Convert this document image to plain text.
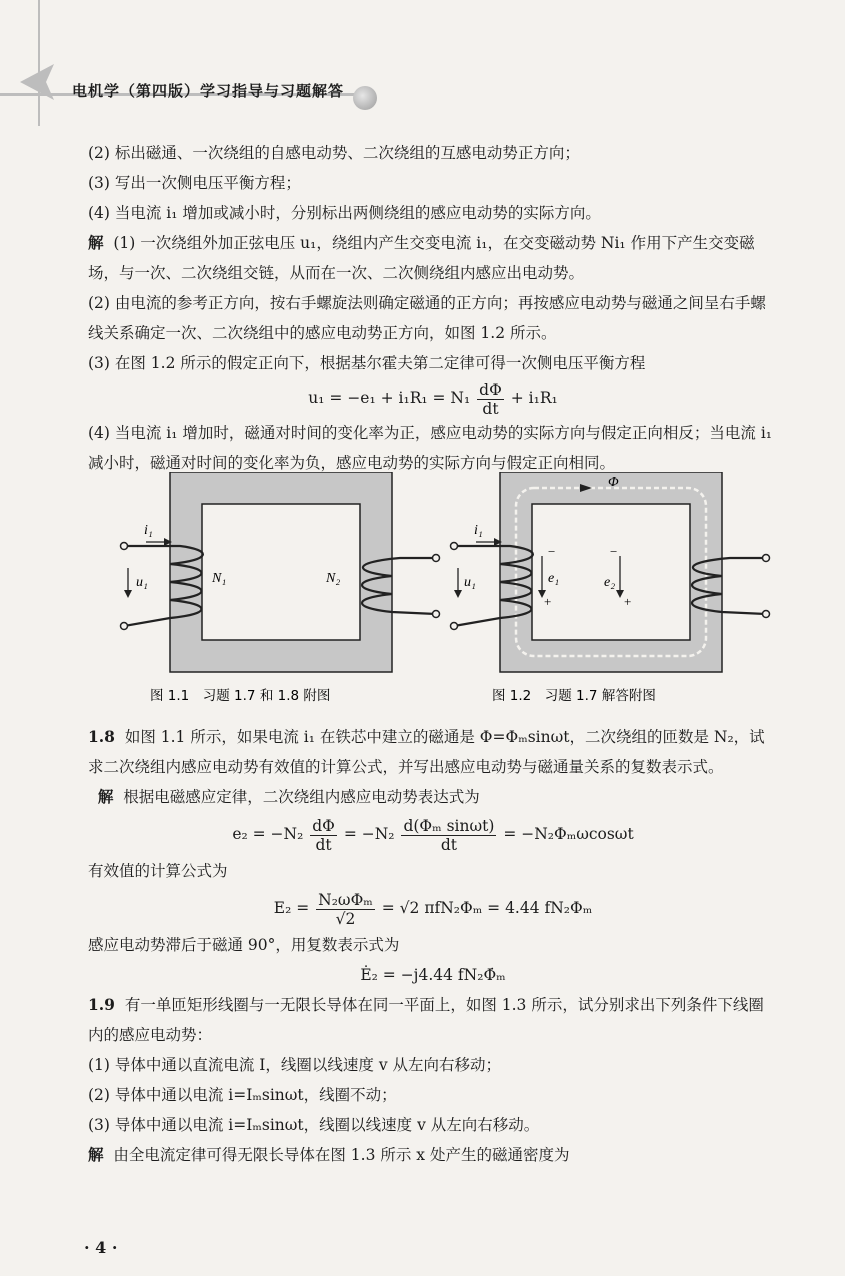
电机学（第四版）学习指导与习题解答

(2) 标出磁通、一次绕组的自感电动势、二次绕组的互感电动势正方向；

(3) 写出一次侧电压平衡方程；

(4) 当电流 i₁ 增加或减小时，分别标出两侧绕组的感应电动势的实际方向。

解 (1) 一次绕组外加正弦电压 u₁，绕组内产生交变电流 i₁，在交变磁动势 Ni₁ 作用下产生交变磁场，与一次、二次绕组交链，从而在一次、二次侧绕组内感应出电动势。

(2) 由电流的参考正方向，按右手螺旋法则确定磁通的正方向；再按感应电动势与磁通之间呈右手螺线关系确定一次、二次绕组中的感应电动势正方向，如图 1.2 所示。

(3) 在图 1.2 所示的假定正向下，根据基尔霍夫第二定律可得一次侧电压平衡方程

$u_1 = -e_1 + i_1R_1 = N_1 \frac{d\Phi}{dt} + i_1R_1$

(4) 当电流 i₁ 增加时，磁通对时间的变化率为正，感应电动势的实际方向与假定正向相反；当电流 i₁ 减小时，磁通对时间的变化率为负，感应电动势的实际方向与假定正向相同。

i₁
u₁	N₁	N₂
Φ
i₁
u₁	e₁	e₂
−
+
−
+
图 1.1　习题 1.7 和 1.8 附图	图 1.2　习题 1.7 解答附图

1.8 如图 1.1 所示，如果电流 i₁ 在铁芯中建立的磁通是 Φ=Φₘsinωt，二次绕组的匝数是 N₂，试求二次绕组内感应电动势有效值的计算公式，并写出感应电动势与磁通量关系的复数表示式。

解 根据电磁感应定律，二次绕组内感应电动势表达式为

$e_2 = -N_2 \frac{d\Phi}{dt} = -N_2 \frac{\text{d(Φₘ sinωt)}}{dt} = -N_2\Phi_m\omega\cos\omega t$

有效值的计算公式为

$E_2 = \frac{\text{N₂ωΦₘ}}{√2} = √2$ πfN₂Φₘ = 4.44 fN₂Φₘ

感应电动势滞后于磁通 90°，用复数表示式为

Ė₂ = −j4.44 fN₂Φ̇ₘ

1.9 有一单匝矩形线圈与一无限长导体在同一平面上，如图 1.3 所示，试分别求出下列条件下线圈内的感应电动势：

(1) 导体中通以直流电流 I，线圈以线速度 v 从左向右移动；

(2) 导体中通以电流 i=Iₘsinωt，线圈不动；

(3) 导体中通以电流 i=Iₘsinωt，线圈以线速度 v 从左向右移动。

解 由全电流定律可得无限长导体在图 1.3 所示 x 处产生的磁通密度为

· 4 ·
